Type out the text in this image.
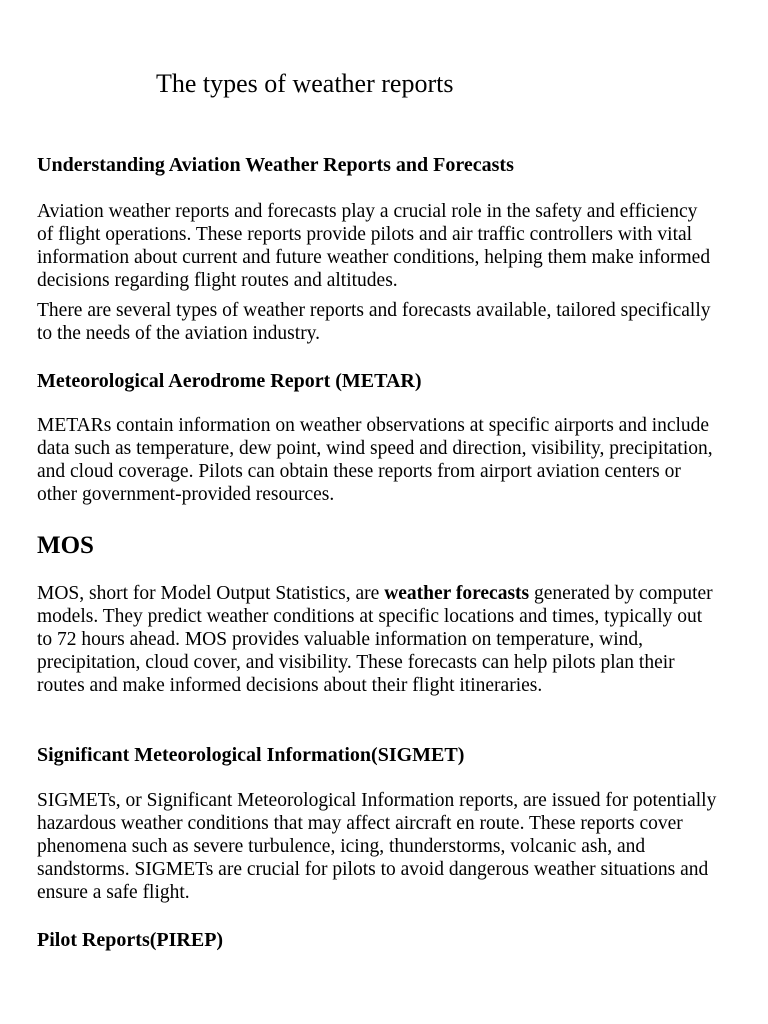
The types of weather reports
Understanding Aviation Weather Reports and Forecasts

Aviation weather reports and forecasts play a crucial role in the safety and efficiency of flight operations. These reports provide pilots and air traffic controllers with vital information about current and future weather conditions, helping them make informed decisions regarding flight routes and altitudes.

There are several types of weather reports and forecasts available, tailored specifically to the needs of the aviation industry.

Meteorological Aerodrome Report (METAR)

METARs contain information on weather observations at specific airports and include data such as temperature, dew point, wind speed and direction, visibility, precipitation, and cloud coverage. Pilots can obtain these reports from airport aviation centers or other government-provided resources.

MOS

MOS, short for Model Output Statistics, are weather forecasts generated by computer models. They predict weather conditions at specific locations and times, typically out to 72 hours ahead. MOS provides valuable information on temperature, wind, precipitation, cloud cover, and visibility. These forecasts can help pilots plan their routes and make informed decisions about their flight itineraries.

Significant Meteorological Information(SIGMET)

SIGMETs, or Significant Meteorological Information reports, are issued for potentially hazardous weather conditions that may affect aircraft en route. These reports cover phenomena such as severe turbulence, icing, thunderstorms, volcanic ash, and sandstorms. SIGMETs are crucial for pilots to avoid dangerous weather situations and ensure a safe flight.

Pilot Reports(PIREP)
